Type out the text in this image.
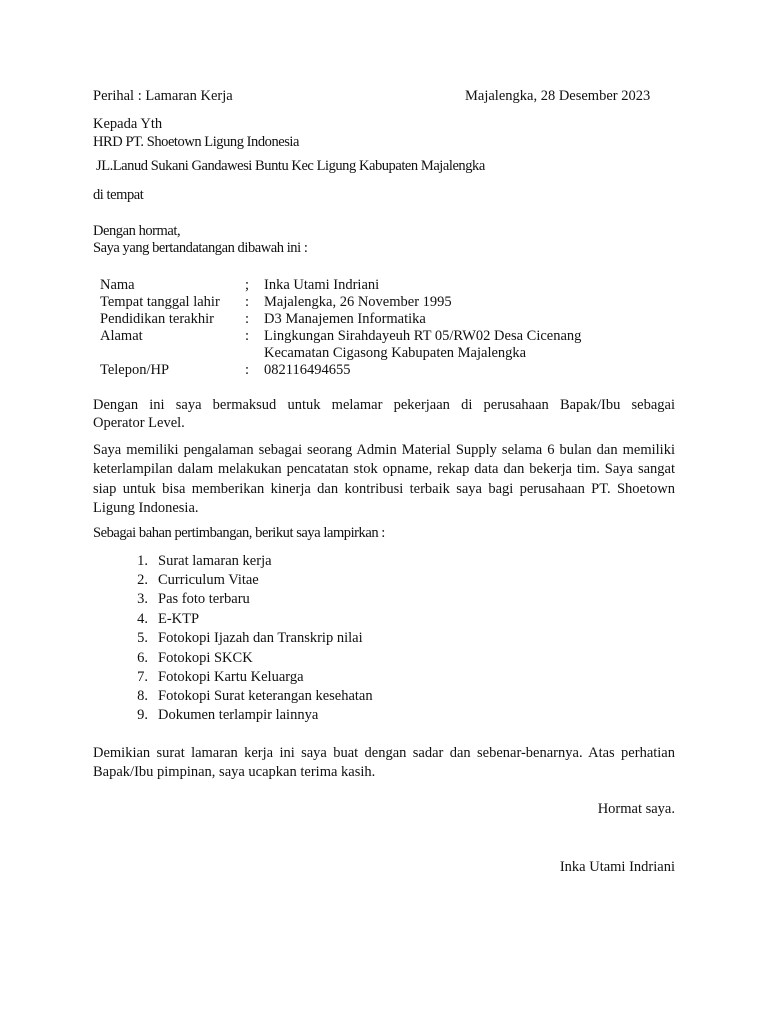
Perihal : Lamaran Kerja	Majalengka, 28 Desember 2023
Kepada Yth
HRD PT. Shoetown Ligung Indonesia
JL.Lanud Sukani Gandawesi Buntu Kec Ligung Kabupaten Majalengka
di tempat
Dengan hormat,
Saya yang bertandatangan dibawah ini :
Nama	; Inka Utami Indriani
Tempat tanggal lahir : Majalengka, 26 November 1995
Pendidikan terakhir : D3 Manajemen Informatika
Alamat	: Lingkungan Sirahdayeuh RT 05/RW02 Desa Cicenang
Kecamatan Cigasong Kabupaten Majalengka
Telepon/HP	: 082116494655
Dengan ini saya bermaksud untuk melamar pekerjaan di perusahaan Bapak/Ibu sebagai
Operator Level.
Saya memiliki pengalaman sebagai seorang Admin Material Supply selama 6 bulan dan memiliki keterlampilan dalam melakukan pencatatan stok opname, rekap data dan bekerja tim. Saya sangat siap untuk bisa memberikan kinerja dan kontribusi terbaik saya bagi perusahaan PT. Shoetown Ligung Indonesia.
Sebagai bahan pertimbangan, berikut saya lampirkan :
1. Surat lamaran kerja
2. Curriculum Vitae
3. Pas foto terbaru
4. E-KTP
5. Fotokopi Ijazah dan Transkrip nilai
6. Fotokopi SKCK
7. Fotokopi Kartu Keluarga
8. Fotokopi Surat keterangan kesehatan
9. Dokumen terlampir lainnya
Demikian surat lamaran kerja ini saya buat dengan sadar dan sebenar-benarnya. Atas perhatian Bapak/Ibu pimpinan, saya ucapkan terima kasih.
Hormat saya.
Inka Utami Indriani
